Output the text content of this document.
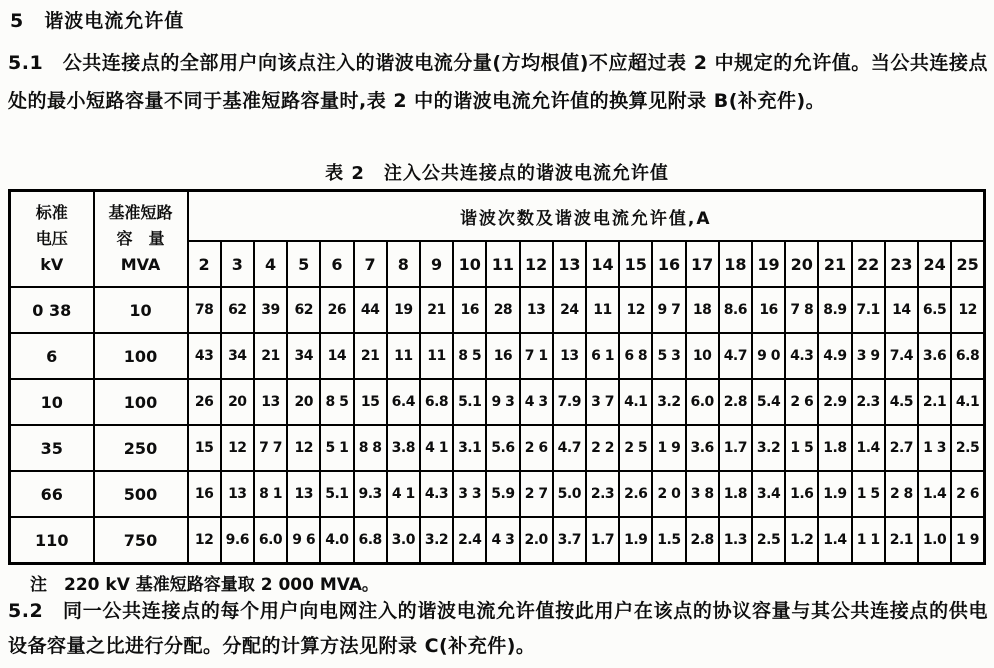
5　谐波电流允许值
5.1　公共连接点的全部用户向该点注入的谐波电流分量(方均根值)不应超过表 2 中规定的允许值。当公共连接点处的最小短路容量不同于基准短路容量时,表 2 中的谐波电流允许值的换算见附录 B(补充件)。
表 2　注入公共连接点的谐波电流允许值
标准
电压
kV

基准短路
容　量
MVA
	谐波次数及谐波电流允许值,A
		2	3	4	5	6	7	8	9	10	11	12	13	14	15	16	17	18	19	20	21	22	23	24	25
0 38	10	78	62	39	62	26	44	19	21	16	28	13	24	11	12	9 7	18	8.6	16	7 8	8.9	7.1	14	6.5	12
6	100	43	34	21	34	14	21	11	11	8 5	16	7 1	13	6 1	6 8	5 3	10	4.7	9 0	4.3	4.9	3 9	7.4	3.6	6.8
10	100	26	20	13	20	8 5	15	6.4	6.8	5.1	9 3	4 3	7.9	3 7	4.1	3.2	6.0	2.8	5.4	2 6	2.9	2.3	4.5	2.1	4.1
35	250	15	12	7 7	12	5 1	8 8	3.8	4 1	3.1	5.6	2 6	4.7	2 2	2 5	1 9	3.6	1.7	3.2	1 5	1.8	1.4	2.7	1 3	2.5
66	500	16	13	8 1	13	5.1	9.3	4 1	4.3	3 3	5.9	2 7	5.0	2.3	2.6	2 0	3 8	1.8	3.4	1.6	1.9	1 5	2 8	1.4	2 6
110	750	12	9.6	6.0	9 6	4.0	6.8	3.0	3.2	2.4	4 3	2.0	3.7	1.7	1.9	1.5	2.8	1.3	2.5	1.2	1.4	1 1	2.1	1.0	1 9
注　220 kV 基准短路容量取 2 000 MVA。
5.2　同一公共连接点的每个用户向电网注入的谐波电流允许值按此用户在该点的协议容量与其公共连接点的供电设备容量之比进行分配。分配的计算方法见附录 C(补充件)。
